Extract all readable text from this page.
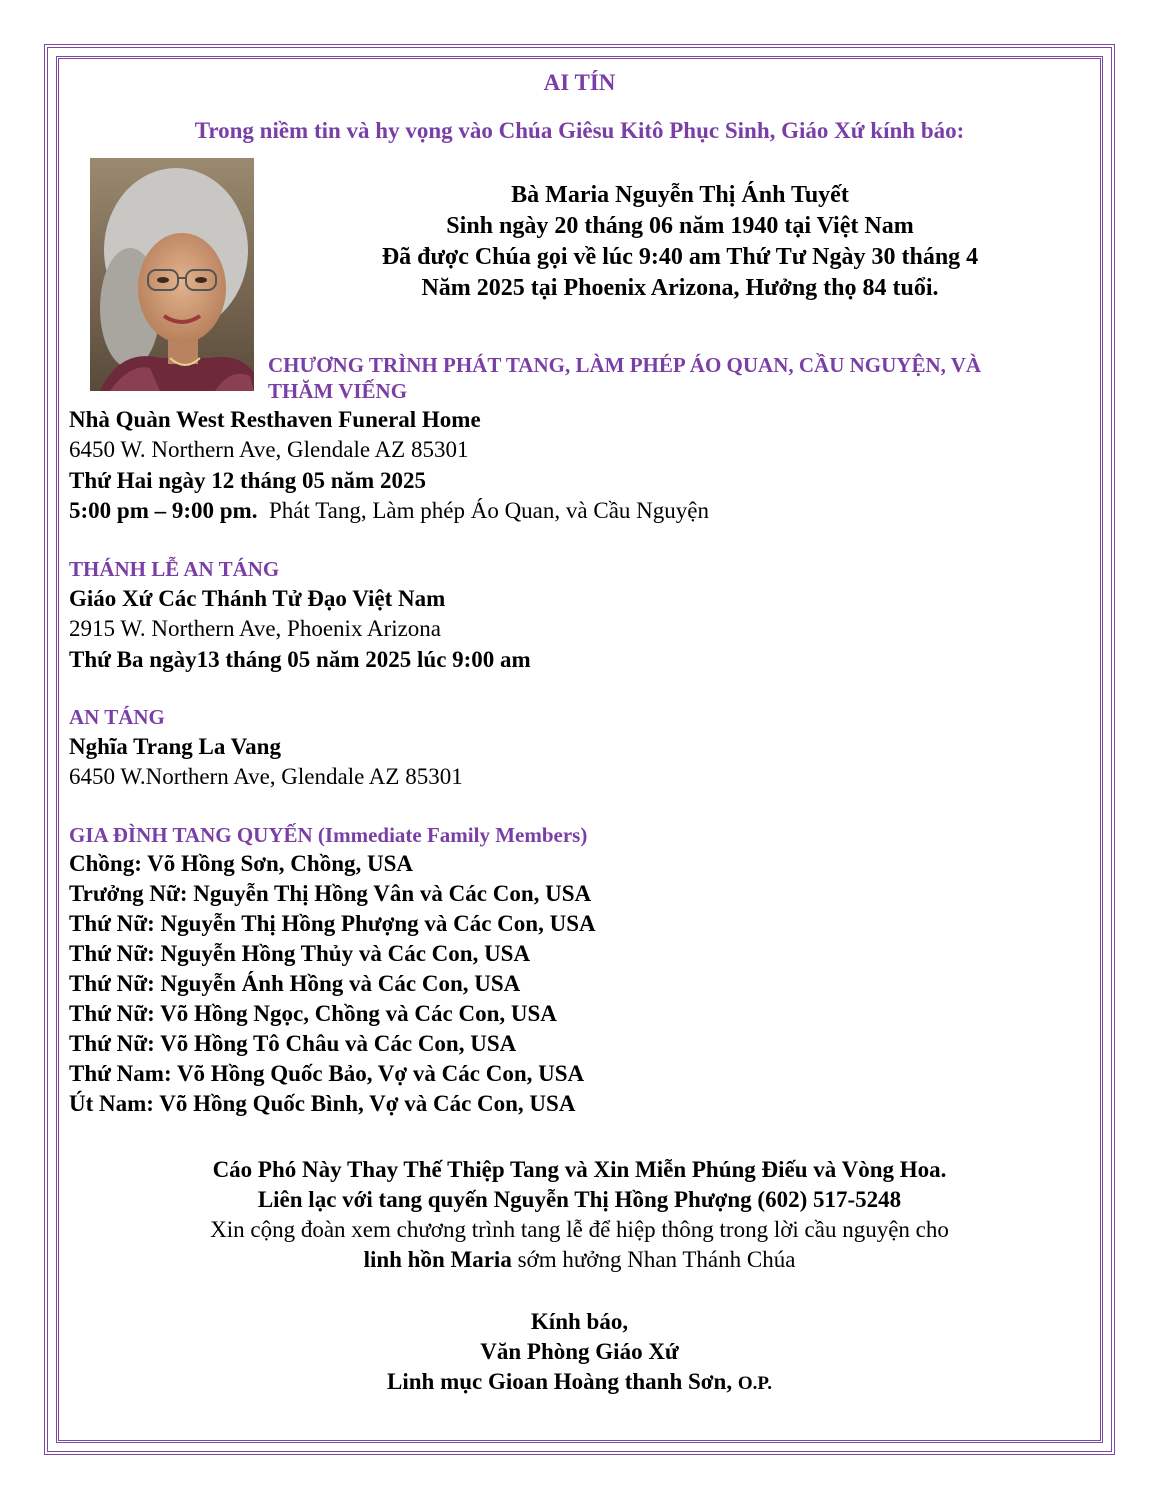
AI TÍN
Trong niềm tin và hy vọng vào Chúa Giêsu Kitô Phục Sinh, Giáo Xứ kính báo:
Bà Maria Nguyễn Thị Ánh Tuyết
Sinh ngày 20 tháng 06 năm 1940 tại Việt Nam
Đã được Chúa gọi về lúc 9:40 am Thứ Tư Ngày 30 tháng 4
Năm 2025 tại Phoenix Arizona, Hưởng thọ 84 tuổi.
CHƯƠNG TRÌNH PHÁT TANG, LÀM PHÉP ÁO QUAN, CẦU NGUYỆN, VÀ
THĂM VIẾNG
Nhà Quàn West Resthaven Funeral Home
6450 W. Northern Ave, Glendale AZ 85301
Thứ Hai ngày 12 tháng 05 năm 2025
5:00 pm – 9:00 pm. Phát Tang, Làm phép Áo Quan, và Cầu Nguyện
THÁNH LỄ AN TÁNG
Giáo Xứ Các Thánh Tử Đạo Việt Nam
2915 W. Northern Ave, Phoenix Arizona
Thứ Ba ngày13 tháng 05 năm 2025 lúc 9:00 am
AN TÁNG
Nghĩa Trang La Vang
6450 W.Northern Ave, Glendale AZ 85301
GIA ĐÌNH TANG QUYẾN (Immediate Family Members)
Chồng: Võ Hồng Sơn, Chồng, USA
Trưởng Nữ: Nguyễn Thị Hồng Vân và Các Con, USA
Thứ Nữ: Nguyễn Thị Hồng Phượng và Các Con, USA
Thứ Nữ: Nguyễn Hồng Thủy và Các Con, USA
Thứ Nữ: Nguyễn Ánh Hồng và Các Con, USA
Thứ Nữ: Võ Hồng Ngọc, Chồng và Các Con, USA
Thứ Nữ: Võ Hồng Tô Châu và Các Con, USA
Thứ Nam: Võ Hồng Quốc Bảo, Vợ và Các Con, USA
Út Nam: Võ Hồng Quốc Bình, Vợ và Các Con, USA
Cáo Phó Này Thay Thế Thiệp Tang và Xin Miễn Phúng Điếu và Vòng Hoa.
Liên lạc với tang quyến Nguyễn Thị Hồng Phượng (602) 517-5248
Xin cộng đoàn xem chương trình tang lễ để hiệp thông trong lời cầu nguyện cho
linh hồn Maria sớm hưởng Nhan Thánh Chúa
Kính báo,
Văn Phòng Giáo Xứ
Linh mục Gioan Hoàng thanh Sơn, O.P.
